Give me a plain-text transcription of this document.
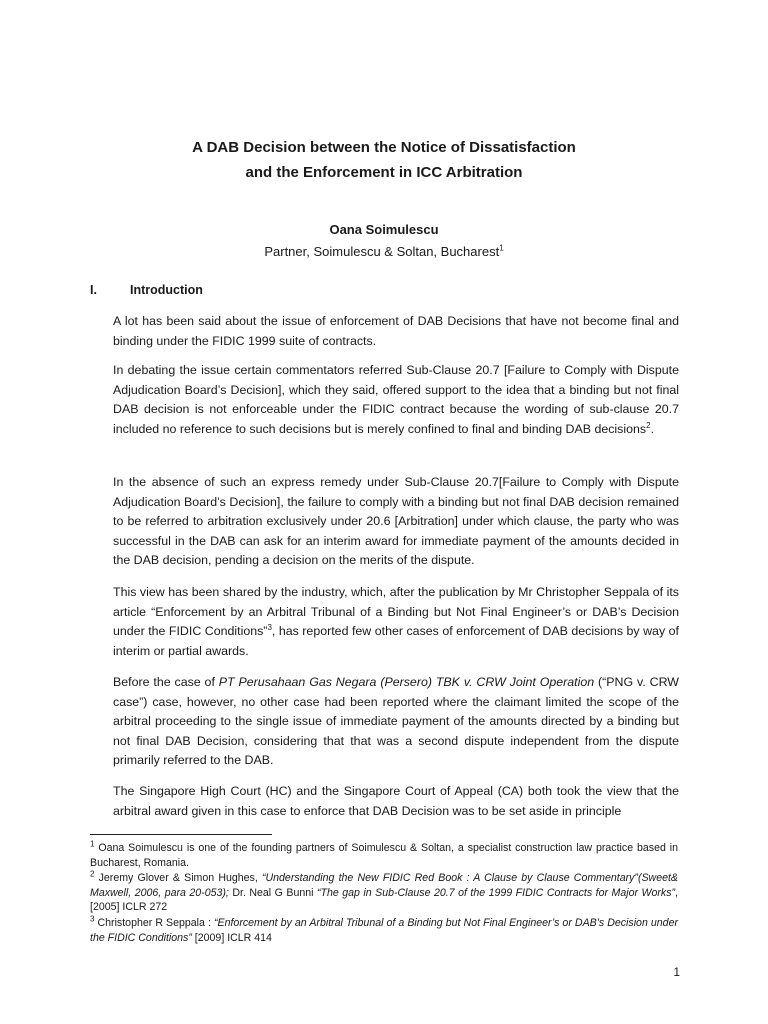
A DAB Decision between the Notice of Dissatisfaction
and the Enforcement in ICC Arbitration
Oana Soimulescu
Partner, Soimulescu & Soltan, Bucharest$^1$
I.	Introduction
A lot has been said about the issue of enforcement of DAB Decisions that have not become final and binding under the FIDIC 1999 suite of contracts.
In debating the issue certain commentators referred Sub-Clause 20.7 [Failure to Comply with Dispute Adjudication Board’s Decision], which they said, offered support to the idea that a binding but not final DAB decision is not enforceable under the FIDIC contract because the wording of sub-clause 20.7 included no reference to such decisions but is merely confined to final and binding DAB decisions$^2$.
In the absence of such an express remedy under Sub-Clause 20.7[Failure to Comply with Dispute Adjudication Board’s Decision], the failure to comply with a binding but not final DAB decision remained to be referred to arbitration exclusively under 20.6 [Arbitration] under which clause, the party who was successful in the DAB can ask for an interim award for immediate payment of the amounts decided in the DAB decision, pending a decision on the merits of the dispute.
This view has been shared by the industry, which, after the publication by Mr Christopher Seppala of its article “Enforcement by an Arbitral Tribunal of a Binding but Not Final Engineer’s or DAB’s Decision under the FIDIC Conditions”$^3$, has reported few other cases of enforcement of DAB decisions by way of interim or partial awards.
Before the case of PT Perusahaan Gas Negara (Persero) TBK v. CRW Joint Operation (“PNG v. CRW case”) case, however, no other case had been reported where the claimant limited the scope of the arbitral proceeding to the single issue of immediate payment of the amounts directed by a binding but not final DAB Decision, considering that that was a second dispute independent from the dispute primarily referred to the DAB.
The Singapore High Court (HC) and the Singapore Court of Appeal (CA) both took the view that the arbitral award given in this case to enforce that DAB Decision was to be set aside in principle
$^1$ Oana Soimulescu is one of the founding partners of Soimulescu & Soltan, a specialist construction law practice based in Bucharest, Romania.
$^2$ Jeremy Glover & Simon Hughes, “Understanding the New FIDIC Red Book : A Clause by Clause Commentary”(Sweet& Maxwell, 2006, para 20-053); Dr. Neal G Bunni “The gap in Sub-Clause 20.7 of the 1999 FIDIC Contracts for Major Works”, [2005] ICLR 272
$^3$ Christopher R Seppala : “Enforcement by an Arbitral Tribunal of a Binding but Not Final Engineer’s or DAB’s Decision under the FIDIC Conditions” [2009] ICLR 414
1
